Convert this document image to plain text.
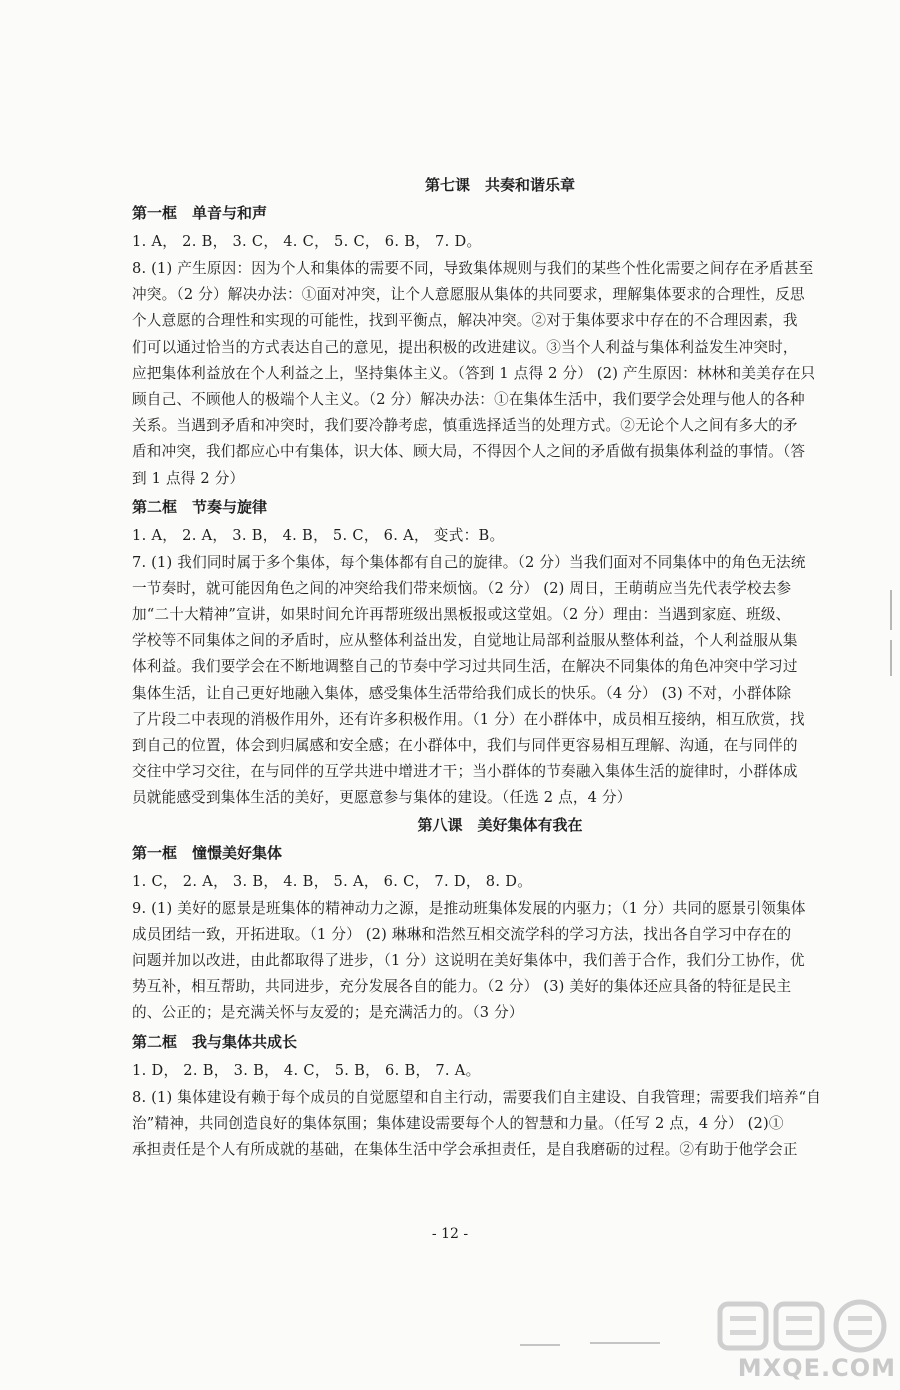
第七课　共奏和谐乐章
第一框　单音与和声
1. A， 2. B， 3. C， 4. C， 5. C， 6. B， 7. D。
8. (1) 产生原因：因为个人和集体的需要不同，导致集体规则与我们的某些个性化需要之间存在矛盾甚至
冲突。（2 分）解决办法：①面对冲突，让个人意愿服从集体的共同要求，理解集体要求的合理性，反思
个人意愿的合理性和实现的可能性，找到平衡点，解决冲突。②对于集体要求中存在的不合理因素，我
们可以通过恰当的方式表达自己的意见，提出积极的改进建议。③当个人利益与集体利益发生冲突时，
应把集体利益放在个人利益之上，坚持集体主义。（答到 1 点得 2 分） (2) 产生原因：林林和美美存在只
顾自己、不顾他人的极端个人主义。（2 分）解决办法：①在集体生活中，我们要学会处理与他人的各种
关系。当遇到矛盾和冲突时，我们要冷静考虑，慎重选择适当的处理方式。②无论个人之间有多大的矛
盾和冲突，我们都应心中有集体，识大体、顾大局，不得因个人之间的矛盾做有损集体利益的事情。（答
到 1 点得 2 分）
第二框　节奏与旋律
1. A， 2. A， 3. B， 4. B， 5. C， 6. A， 变式：B。
7. (1) 我们同时属于多个集体，每个集体都有自己的旋律。（2 分）当我们面对不同集体中的角色无法统
一节奏时，就可能因角色之间的冲突给我们带来烦恼。（2 分） (2) 周日，王萌萌应当先代表学校去参
加“二十大精神”宣讲，如果时间允许再帮班级出黑板报或这堂姐。（2 分）理由：当遇到家庭、班级、
学校等不同集体之间的矛盾时，应从整体利益出发，自觉地让局部利益服从整体利益，个人利益服从集
体利益。我们要学会在不断地调整自己的节奏中学习过共同生活，在解决不同集体的角色冲突中学习过
集体生活，让自己更好地融入集体，感受集体生活带给我们成长的快乐。（4 分） (3) 不对，小群体除
了片段二中表现的消极作用外，还有许多积极作用。（1 分）在小群体中，成员相互接纳，相互欣赏，找
到自己的位置，体会到归属感和安全感；在小群体中，我们与同伴更容易相互理解、沟通，在与同伴的
交往中学习交往，在与同伴的互学共进中增进才干；当小群体的节奏融入集体生活的旋律时，小群体成
员就能感受到集体生活的美好，更愿意参与集体的建设。（任选 2 点，4 分）
第八课　美好集体有我在
第一框　憧憬美好集体
1. C， 2. A， 3. B， 4. B， 5. A， 6. C， 7. D， 8. D。
9. (1) 美好的愿景是班集体的精神动力之源，是推动班集体发展的内驱力；（1 分）共同的愿景引领集体
成员团结一致，开拓进取。（1 分） (2) 琳琳和浩然互相交流学科的学习方法，找出各自学习中存在的
问题并加以改进，由此都取得了进步，（1 分）这说明在美好集体中，我们善于合作，我们分工协作，优
势互补，相互帮助，共同进步，充分发展各自的能力。（2 分） (3) 美好的集体还应具备的特征是民主
的、公正的；是充满关怀与友爱的；是充满活力的。（3 分）
第二框　我与集体共成长
1. D， 2. B， 3. B， 4. C， 5. B， 6. B， 7. A。
8. (1) 集体建设有赖于每个成员的自觉愿望和自主行动，需要我们自主建设、自我管理；需要我们培养“自
治”精神，共同创造良好的集体氛围；集体建设需要每个人的智慧和力量。（任写 2 点，4 分） (2)①
承担责任是个人有所成就的基础，在集体生活中学会承担责任，是自我磨砺的过程。②有助于他学会正
- 12 -
MXQE.COM
